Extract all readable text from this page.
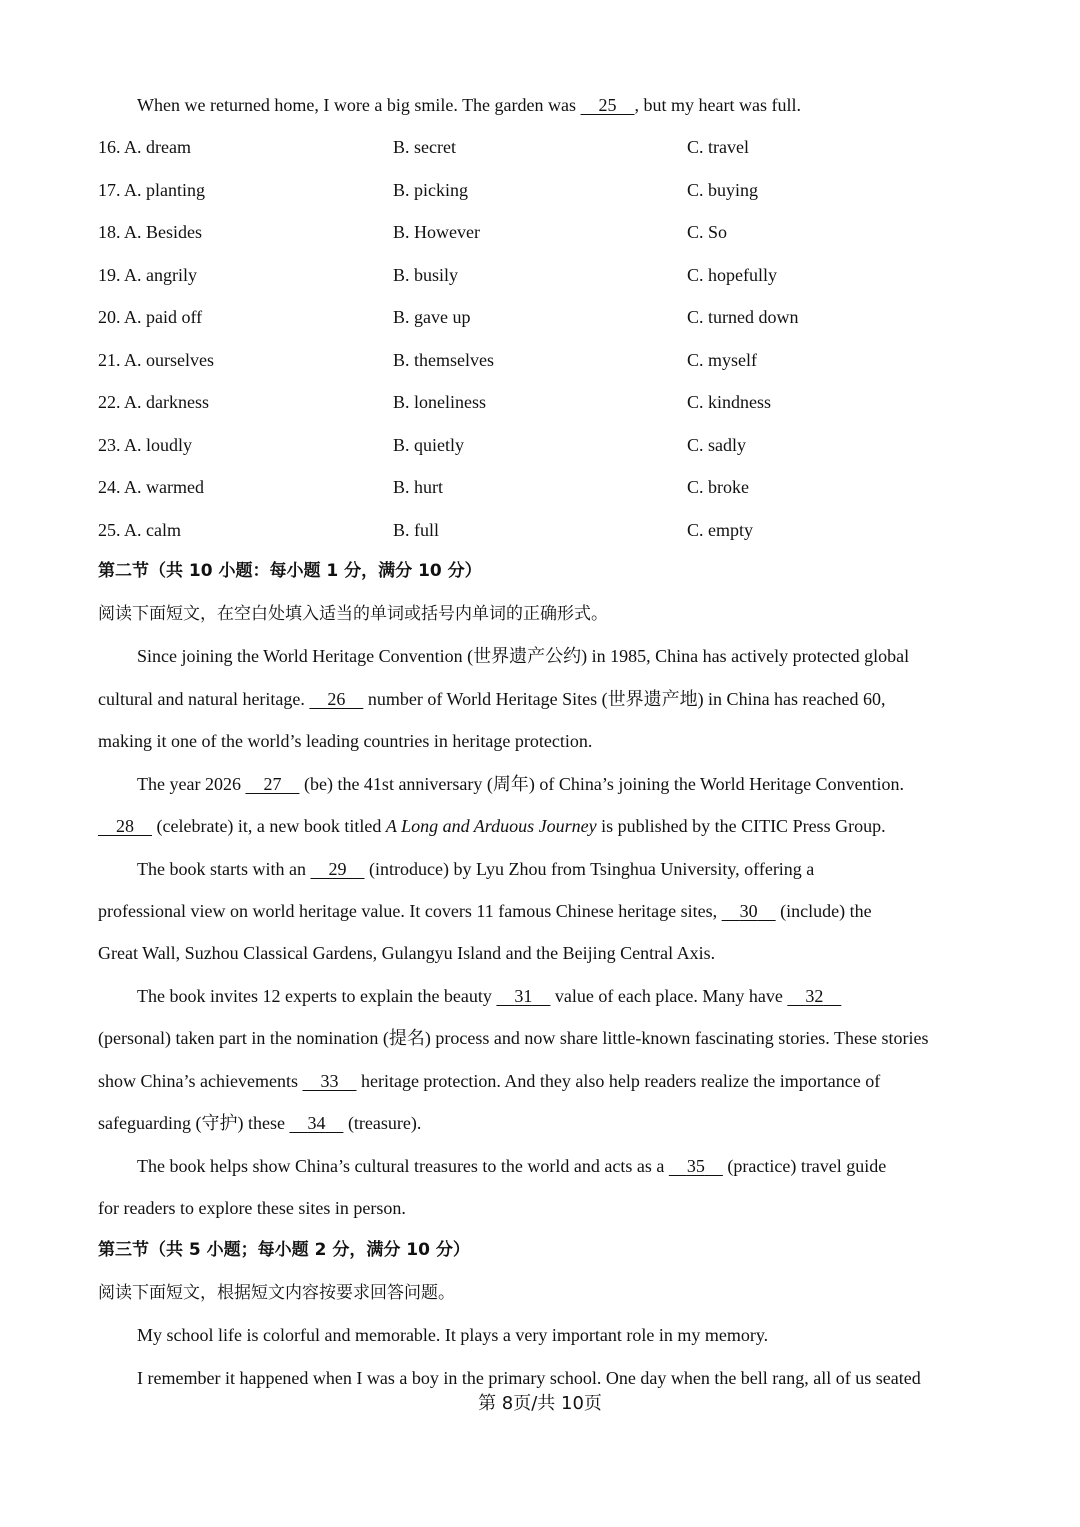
When we returned home, I wore a big smile. The garden was     25 , but my heart was full.
16. A. dream	B. secret	C. travel
17. A. planting	B. picking	C. buying
18. A. Besides	B. However	C. So
19. A. angrily	B. busily	C. hopefully
20. A. paid off	B. gave up	C. turned down
21. A. ourselves	B. themselves	C. myself
22. A. darkness	B. loneliness	C. kindness
23. A. loudly	B. quietly	C. sadly
24. A. warmed	B. hurt	C. broke
25. A. calm	B. full	C. empty
第二节（共 10 小题：每小题 1 分，满分 10 分）
阅读下面短文，在空白处填入适当的单词或括号内单词的正确形式。
Since joining the World Heritage Convention (世界遗产公约) in 1985, China has actively protected global
cultural and natural heritage.     26     number of World Heritage Sites (世界遗产地) in China has reached 60,
making it one of the world’s leading countries in heritage protection.
The year 2026     27     (be) the 41st anniversary (周年) of China’s joining the World Heritage Convention.
28     (celebrate) it, a new book titled A Long and Arduous Journey is published by the CITIC Press Group.
The book starts with an     29     (introduce) by Lyu Zhou from Tsinghua University, offering a
professional view on world heritage value. It covers 11 famous Chinese heritage sites,     30     (include) the
Great Wall, Suzhou Classical Gardens, Gulangyu Island and the Beijing Central Axis.
The book invites 12 experts to explain the beauty     31     value of each place. Many have     32
(personal) taken part in the nomination (提名) process and now share little-known fascinating stories. These stories
show China’s achievements     33     heritage protection. And they also help readers realize the importance of
safeguarding (守护) these     34     (treasure).
The book helps show China’s cultural treasures to the world and acts as a     35     (practice) travel guide
for readers to explore these sites in person.
第三节（共 5 小题；每小题 2 分，满分 10 分）
阅读下面短文，根据短文内容按要求回答问题。
My school life is colorful and memorable. It plays a very important role in my memory.
I remember it happened when I was a boy in the primary school. One day when the bell rang, all of us seated
第 8页/共 10页
